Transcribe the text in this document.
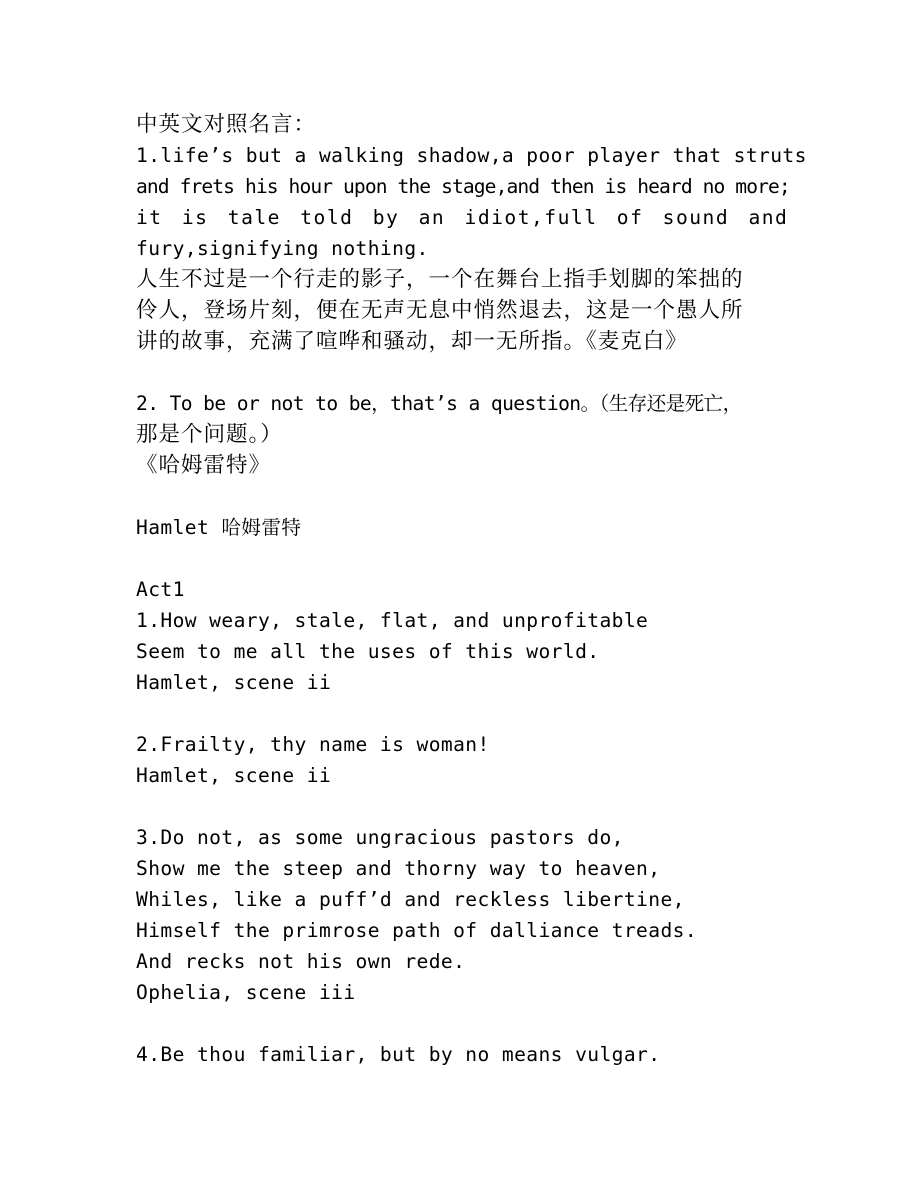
中英文对照名言：
1.life’s but a walking shadow,a poor player that struts
and frets his hour upon the stage,and then is heard no more;
it is tale told by an idiot,full of sound and
fury,signifying nothing.
人生不过是一个行走的影子，一个在舞台上指手划脚的笨拙的
伶人，登场片刻，便在无声无息中悄然退去，这是一个愚人所
讲的故事，充满了喧哗和骚动，却一无所指。《麦克白》
2. To be or not to be，that’s a question。（生存还是死亡，
那是个问题。）
《哈姆雷特》
Hamlet 哈姆雷特
Act1
1.How weary, stale, flat, and unprofitable
Seem to me all the uses of this world.
Hamlet, scene ii
2.Frailty, thy name is woman!
Hamlet, scene ii
3.Do not, as some ungracious pastors do,
Show me the steep and thorny way to heaven,
Whiles, like a puff’d and reckless libertine,
Himself the primrose path of dalliance treads.
And recks not his own rede.
Ophelia, scene iii
4.Be thou familiar, but by no means vulgar.
